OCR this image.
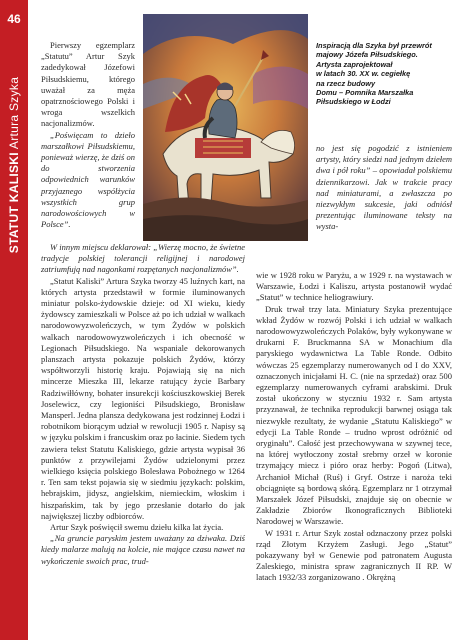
46
STATUT KALISKI Artura Szyka

Pierwszy egzemplarz „Statutu” Artur Szyk zadedykował Józefowi Piłsudskiemu, którego uważał za męża opatrznościowego Polski i wroga wszelkich nacjonalizmów.

„Poświęcam to dzieło marszałkowi Piłsudskiemu, ponieważ wierzę, że dziś on do stworzenia odpowiednich warunków przyjaznego współżycia wszystkich grup narodowościowych w Polsce”.

Inspiracją dla Szyka był przewrót
majowy Józefa Piłsudskiego.
Artysta zaprojektował
w latach 30. XX w. cegiełkę
na rzecz budowy
Domu – Pomnika Marszałka
Piłsudskiego w Łodzi

no jest się pogodzić z istnieniem artysty, który siedzi nad jednym dziełem dwa i pół roku” – opowiadał polskiemu dziennikarzowi. Jak w trakcie pracy nad miniaturami, a zwłaszcza po niezwykłym sukcesie, jaki odniósł prezentując iluminowane teksty na wysta-

W innym miejscu deklarował: „Wierzę mocno, że świetne tradycje polskiej tolerancji religijnej i narodowej zatriumfują nad nagonkami rozpętanych nacjonalizmów”.

„Statut Kaliski” Artura Szyka tworzy 45 luźnych kart, na których artysta przedstawił w formie iluminowanych miniatur polsko-żydowskie dzieje: od XI wieku, kiedy żydowscy zamieszkali w Polsce aż po ich udział w walkach narodowowyzwoleńczych, w tym Żydów w polskich walkach narodowowyzwoleńczych i ich obecność w Legionach Piłsudskiego. Na wspaniale dekorowanych planszach artysta pokazuje polskich Żydów, którzy współtworzyli historię kraju. Pojawiają się na nich mincerze Mieszka III, lekarze ratujący życie Barbary Radziwiłłówny, bohater insurekcji kościuszkowskiej Berek Joselewicz, czy legioniści Piłsudskiego, Bronisław Mansperl. Jedna plansza dedykowana jest rodzinnej Łodzi i robotnikom biorącym udział w rewolucji 1905 r. Napisy są w języku polskim i francuskim oraz po łacinie. Siedem tych zawiera tekst Statutu Kaliskiego, gdzie artysta wypisał 36 punktów z przywilejami Żydów udzielonymi przez wielkiego księcia polskiego Bolesława Pobożnego w 1264 r. Ten sam tekst pojawia się w siedmiu językach: polskim, hebrajskim, jidysz, angielskim, niemieckim, włoskim i hiszpańskim, tak by jego przesłanie dotarło do jak największej liczby odbiorców.

Artur Szyk poświęcił swemu dziełu kilka lat życia.

„Na gruncie paryskim jestem uważany za dziwaka. Dziś kiedy malarze malują na kolcie, nie mające czasu nawet na wykończenie swoich prac, trud-

wie w 1928 roku w Paryżu, a w 1929 r. na wystawach w Warszawie, Łodzi i Kaliszu, artysta postanowił wydać „Statut” w technice heliograwiury.

Druk trwał trzy lata. Miniatury Szyka prezentujące wkład Żydów w rozwój Polski i ich udział w walkach narodowowyzwoleńczych Polaków, były wykonywane w drukarni F. Bruckmanna SA w Monachium dla paryskiego wydawnictwa La Table Ronde. Odbito wówczas 25 egzemplarzy numerowanych od I do XXV, oznaczonych inicjałami H. C. (nie na sprzedaż) oraz 500 egzemplarzy numerowanych cyframi arabskimi. Druk został ukończony w styczniu 1932 r. Sam artysta przyznawał, że technika reprodukcji barwnej osiąga tak niezwykłe rezultaty, że wydanie „Statutu Kaliskiego” w edycji La Table Ronde – trudno wprost odróżnić od oryginału”. Całość jest przechowywana w szywnej tece, na której wytłoczony został srebrny orzeł w koronie trzymający miecz i pióro oraz herby: Pogoń (Litwa), Archanioł Michał (Ruś) i Gryf. Ostrze i naroża teki obciągnięte są bordową skórą. Egzemplarz nr 1 otrzymał Marszałek Józef Piłsudski, znajduje się on obecnie w Zakładzie Zbiorów Ikonograficznych Biblioteki Narodowej w Warszawie.

W 1931 r. Artur Szyk został odznaczony przez polski rząd Złotym Krzyżem Zasługi. Jego „Statut” pokazywany był w Genewie pod patronatem Augusta Zaleskiego, ministra spraw zagranicznych II RP. W latach 1932/33 zorganizowano . Okrężną
